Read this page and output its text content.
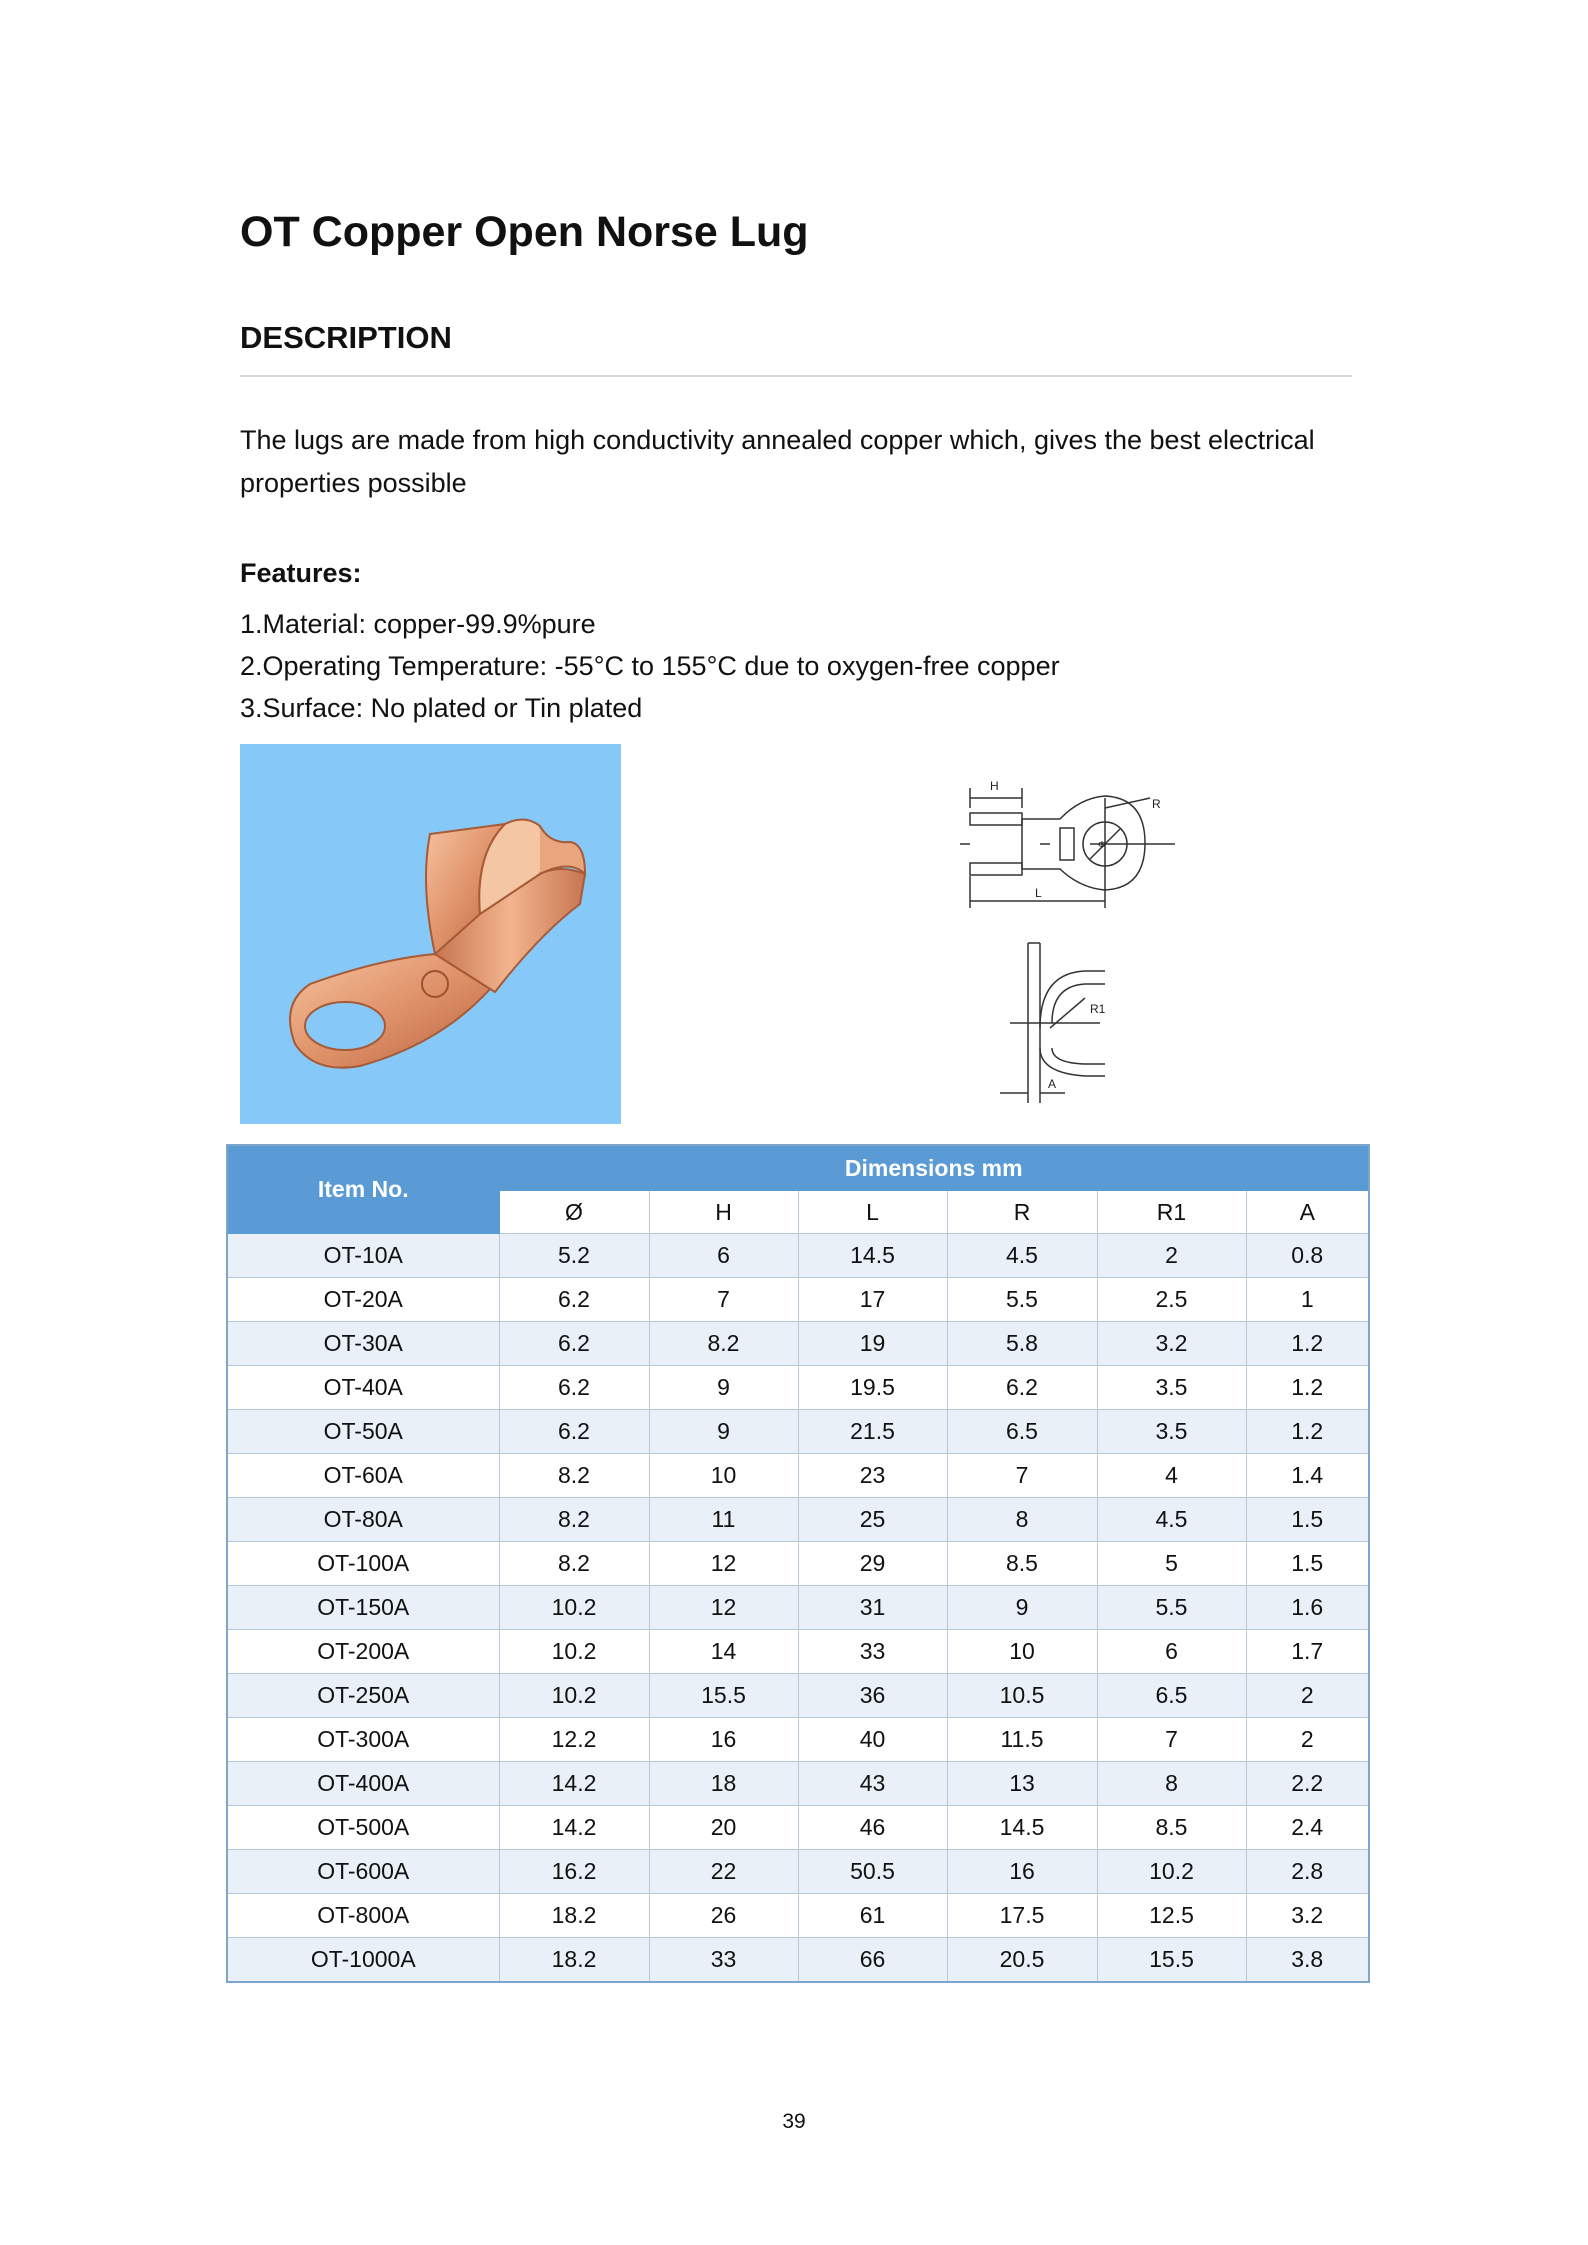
OT Copper Open Norse Lug
DESCRIPTION

The lugs are made from high conductivity annealed copper which, gives the best electrical properties possible

Features:

1.Material: copper-99.9%pure
2.Operating Temperature: -55°C to 155°C due to oxygen-free copper
3.Surface: No plated or Tin plated
H
R
L
Φ
R1
A
Item No.	Dimensions mm					
	Ø	H	L	R	R1	A
OT-10A	5.2	6	14.5	4.5	2	0.8
OT-20A	6.2	7	17	5.5	2.5	1
OT-30A	6.2	8.2	19	5.8	3.2	1.2
OT-40A	6.2	9	19.5	6.2	3.5	1.2
OT-50A	6.2	9	21.5	6.5	3.5	1.2
OT-60A	8.2	10	23	7	4	1.4
OT-80A	8.2	11	25	8	4.5	1.5
OT-100A	8.2	12	29	8.5	5	1.5
OT-150A	10.2	12	31	9	5.5	1.6
OT-200A	10.2	14	33	10	6	1.7
OT-250A	10.2	15.5	36	10.5	6.5	2
OT-300A	12.2	16	40	11.5	7	2
OT-400A	14.2	18	43	13	8	2.2
OT-500A	14.2	20	46	14.5	8.5	2.4
OT-600A	16.2	22	50.5	16	10.2	2.8
OT-800A	18.2	26	61	17.5	12.5	3.2
OT-1000A	18.2	33	66	20.5	15.5	3.8
39
